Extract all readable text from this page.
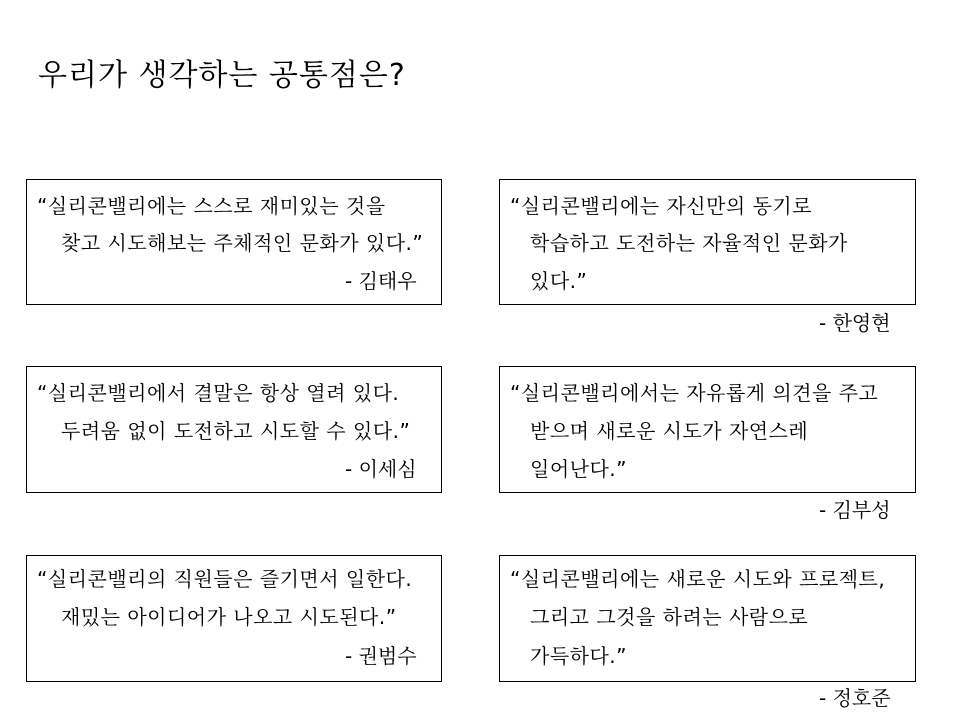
우리가 생각하는 공통점은?
“실리콘밸리에는 스스로 재미있는 것을
찾고 시도해보는 주체적인 문화가 있다.”
- 김태우
“실리콘밸리에는 자신만의 동기로
학습하고 도전하는 자율적인 문화가
있다.”
- 한영현
“실리콘밸리에서 결말은 항상 열려 있다.
두려움 없이 도전하고 시도할 수 있다.”
- 이세심
“실리콘밸리에서는 자유롭게 의견을 주고
받으며 새로운 시도가 자연스레
일어난다.”
- 김부성
“실리콘밸리의 직원들은 즐기면서 일한다.
재밌는 아이디어가 나오고 시도된다.”
- 권범수
“실리콘밸리에는 새로운 시도와 프로젝트,
그리고 그것을 하려는 사람으로
가득하다.”
- 정호준
